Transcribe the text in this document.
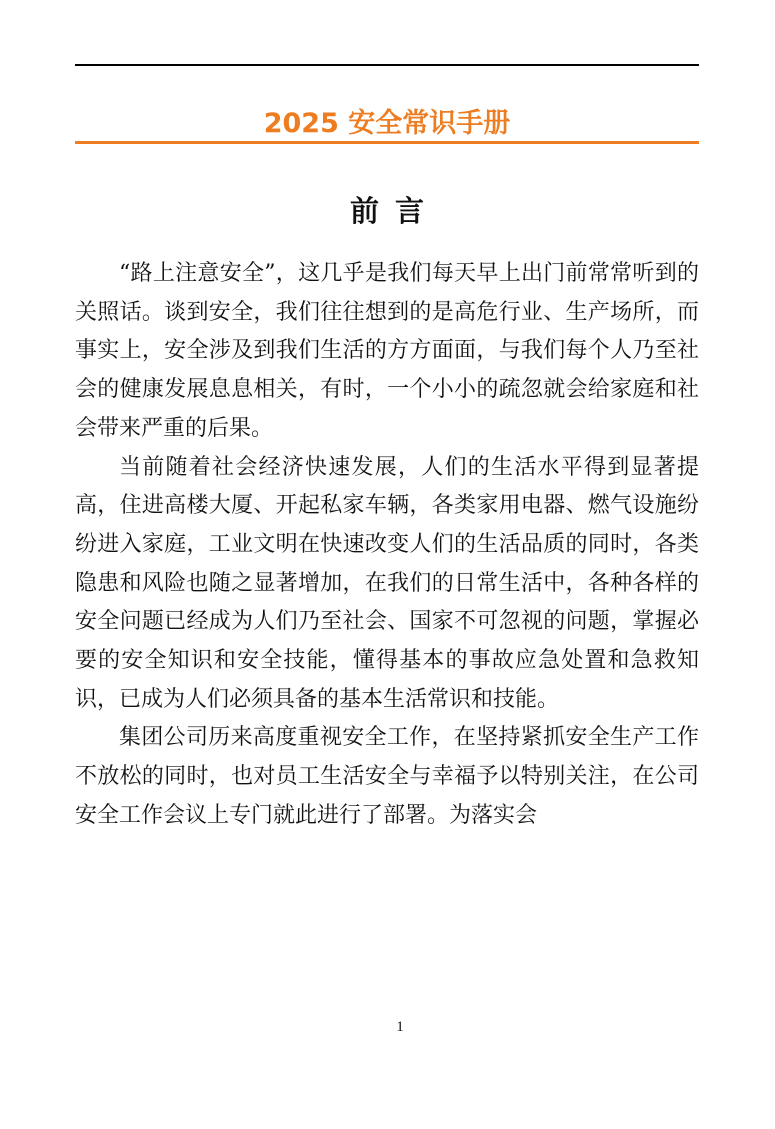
2025 安全常识手册
前言

“路上注意安全”，这几乎是我们每天早上出门前常常听到的关照话。谈到安全，我们往往想到的是高危行业、生产场所，而事实上，安全涉及到我们生活的方方面面，与我们每个人乃至社会的健康发展息息相关，有时，一个小小的疏忽就会给家庭和社会带来严重的后果。

当前随着社会经济快速发展，人们的生活水平得到显著提高，住进高楼大厦、开起私家车辆，各类家用电器、燃气设施纷纷进入家庭，工业文明在快速改变人们的生活品质的同时，各类隐患和风险也随之显著增加，在我们的日常生活中，各种各样的安全问题已经成为人们乃至社会、国家不可忽视的问题，掌握必要的安全知识和安全技能，懂得基本的事故应急处置和急救知识，已成为人们必须具备的基本生活常识和技能。

集团公司历来高度重视安全工作，在坚持紧抓安全生产工作不放松的同时，也对员工生活安全与幸福予以特别关注，在公司安全工作会议上专门就此进行了部署。为落实会

1
